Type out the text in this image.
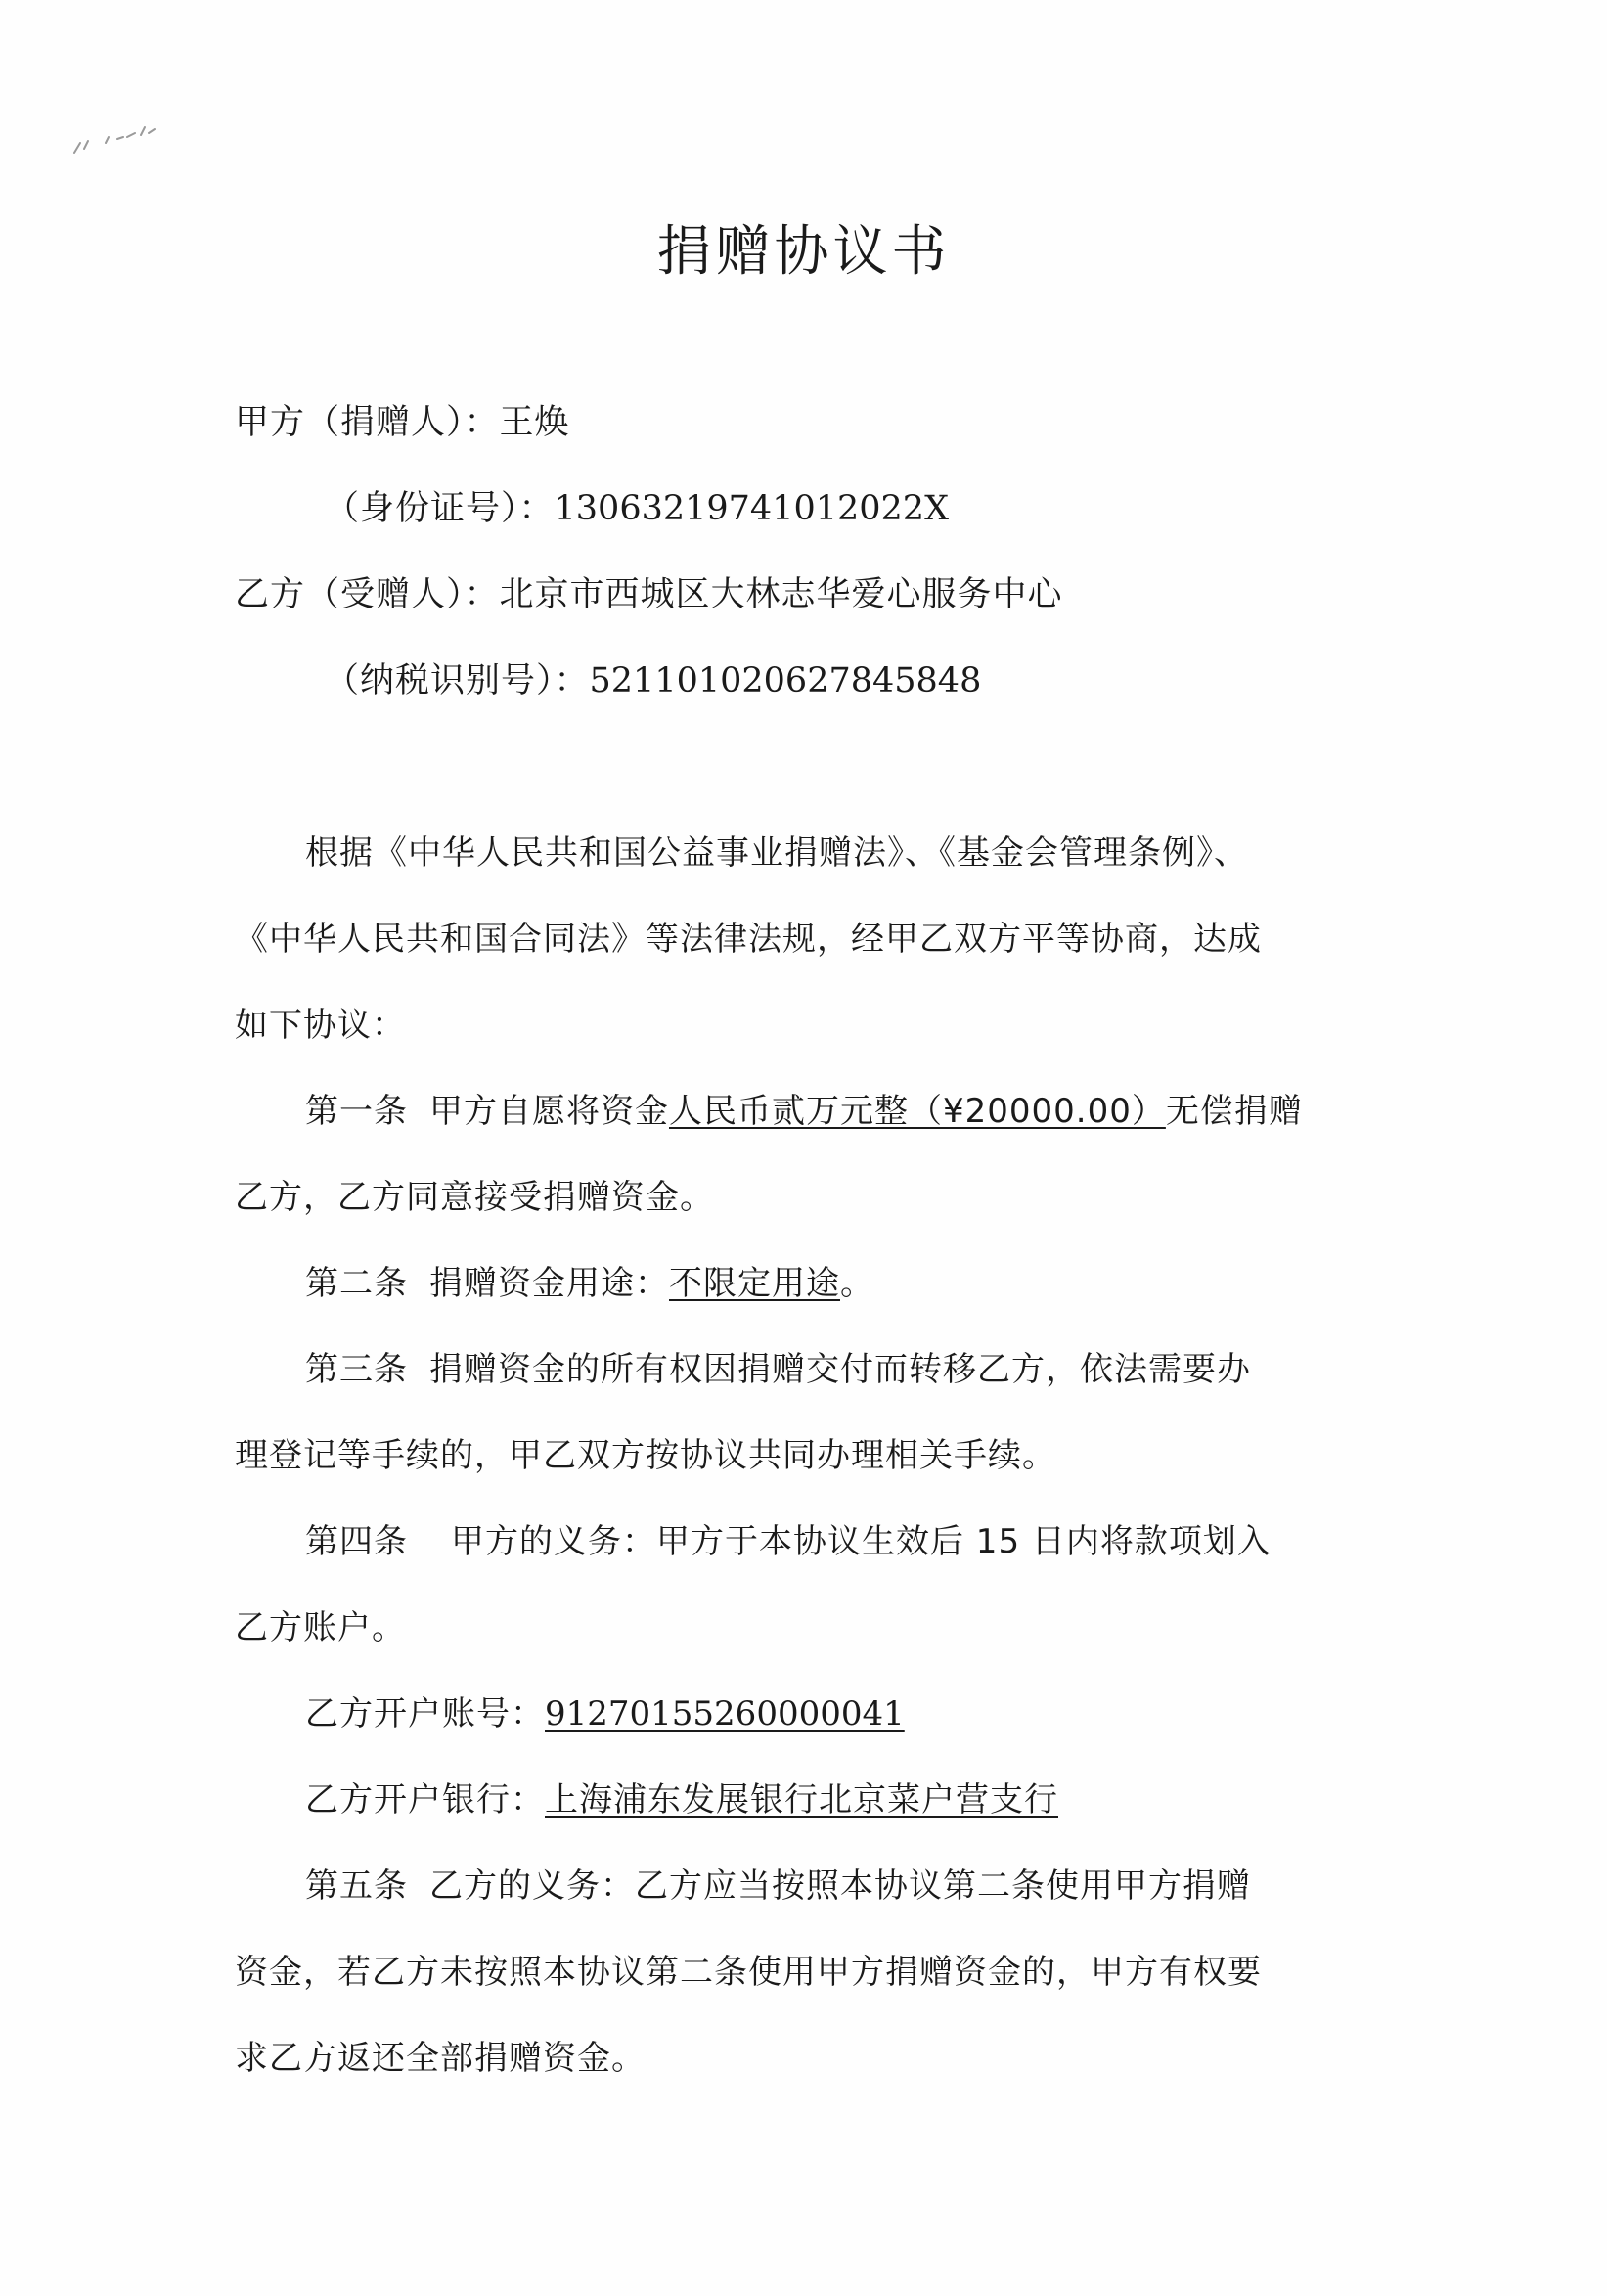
捐赠协议书
甲方（捐赠人）：王焕
（身份证号）：13063219741012022X
乙方（受赠人）：北京市西城区大林志华爱心服务中心
（纳税识别号）：521101020627845848
根据《中华人民共和国公益事业捐赠法》、《基金会管理条例》、
《中华人民共和国合同法》等法律法规，经甲乙双方平等协商，达成
如下协议：
第一条 甲方自愿将资金人民币贰万元整（¥20000.00）无偿捐赠
乙方，乙方同意接受捐赠资金。
第二条 捐赠资金用途：不限定用途。
第三条 捐赠资金的所有权因捐赠交付而转移乙方，依法需要办
理登记等手续的，甲乙双方按协议共同办理相关手续。
第四条 甲方的义务：甲方于本协议生效后 15 日内将款项划入
乙方账户。
乙方开户账号：91270155260000041
乙方开户银行：上海浦东发展银行北京菜户营支行
第五条 乙方的义务：乙方应当按照本协议第二条使用甲方捐赠
资金，若乙方未按照本协议第二条使用甲方捐赠资金的，甲方有权要
求乙方返还全部捐赠资金。
